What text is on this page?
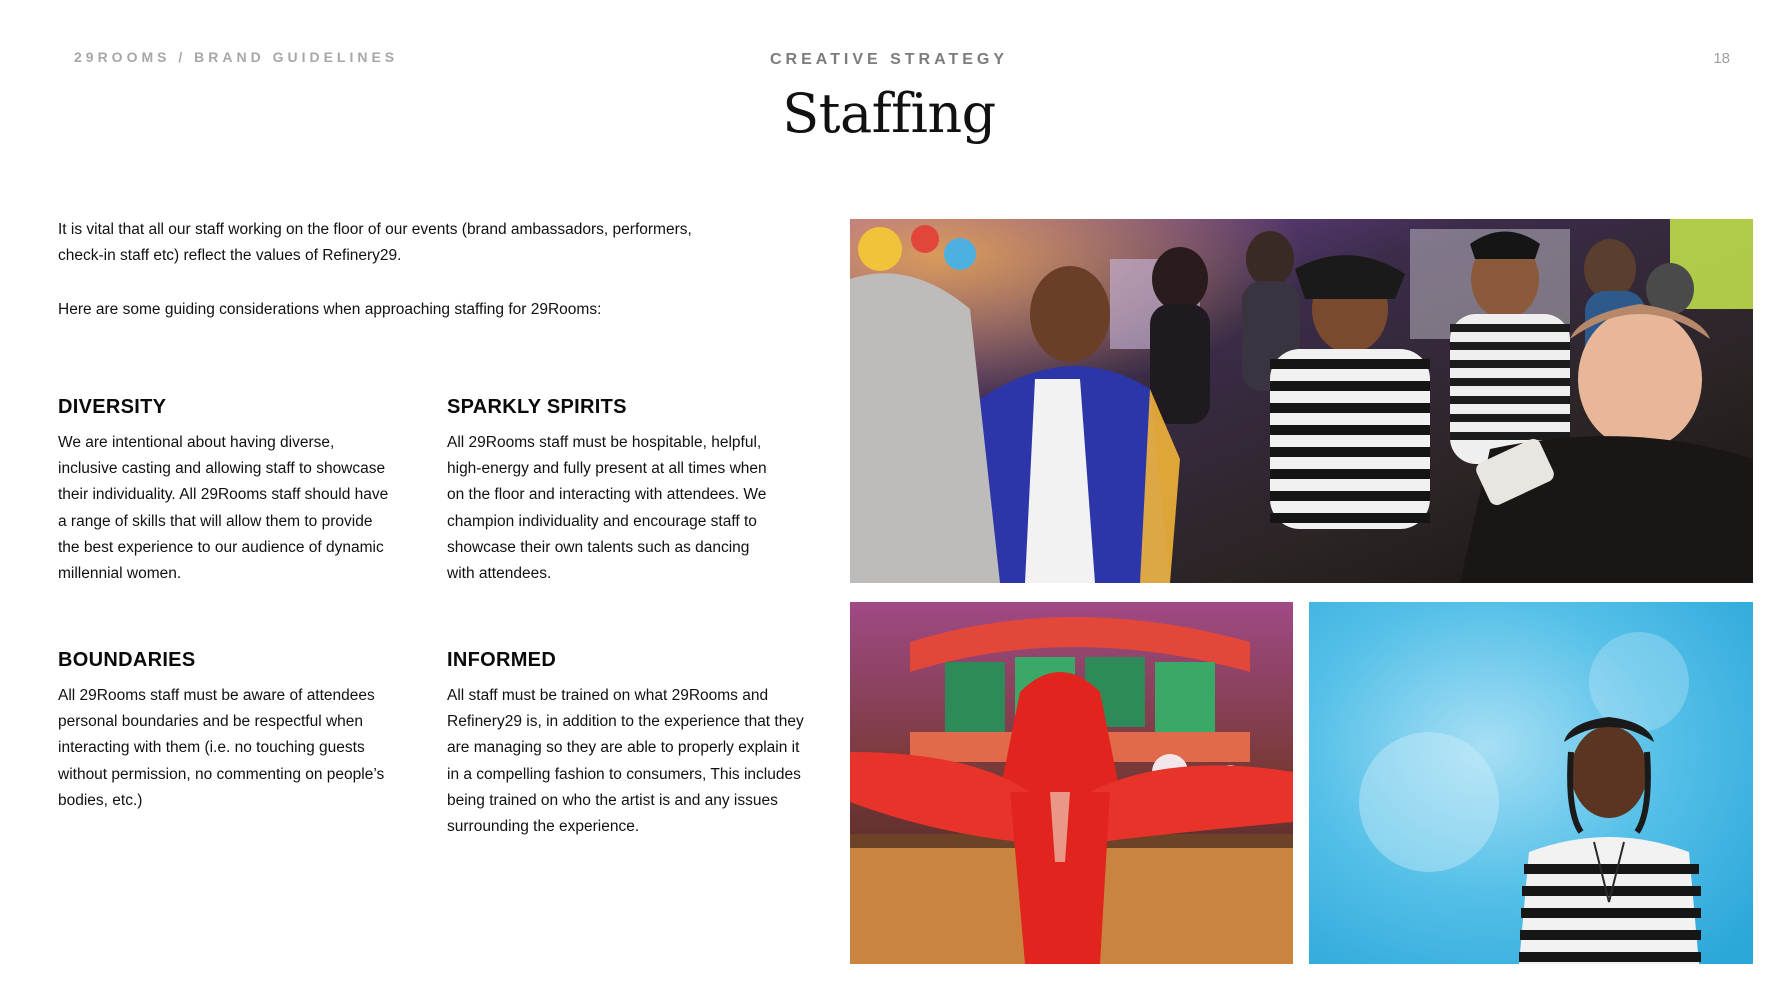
29ROOMS / BRAND GUIDELINES	CREATIVE STRATEGY	18
Staffing

It is vital that all our staff working on the floor of our events (brand ambassadors, performers, check-in staff etc) reflect the values of Refinery29.

Here are some guiding considerations when approaching staffing for 29Rooms:

DIVERSITY

We are intentional about having diverse, inclusive casting and allowing staff to showcase their individuality. All 29Rooms staff should have a range of skills that will allow them to provide the best experience to our audience of dynamic millennial women.

SPARKLY SPIRITS

All 29Rooms staff must be hospitable, helpful, high-energy and fully present at all times when on the floor and interacting with attendees. We champion individuality and encourage staff to showcase their own talents such as dancing with attendees.

BOUNDARIES

All 29Rooms staff must be aware of attendees personal boundaries and be respectful when interacting with them (i.e. no touching guests without permission, no commenting on people’s bodies, etc.)

INFORMED

All staff must be trained on what 29Rooms and Refinery29 is, in addition to the experience that they are managing so they are able to properly explain it in a compelling fashion to consumers, This includes being trained on who the artist is and any issues surrounding the experience.
